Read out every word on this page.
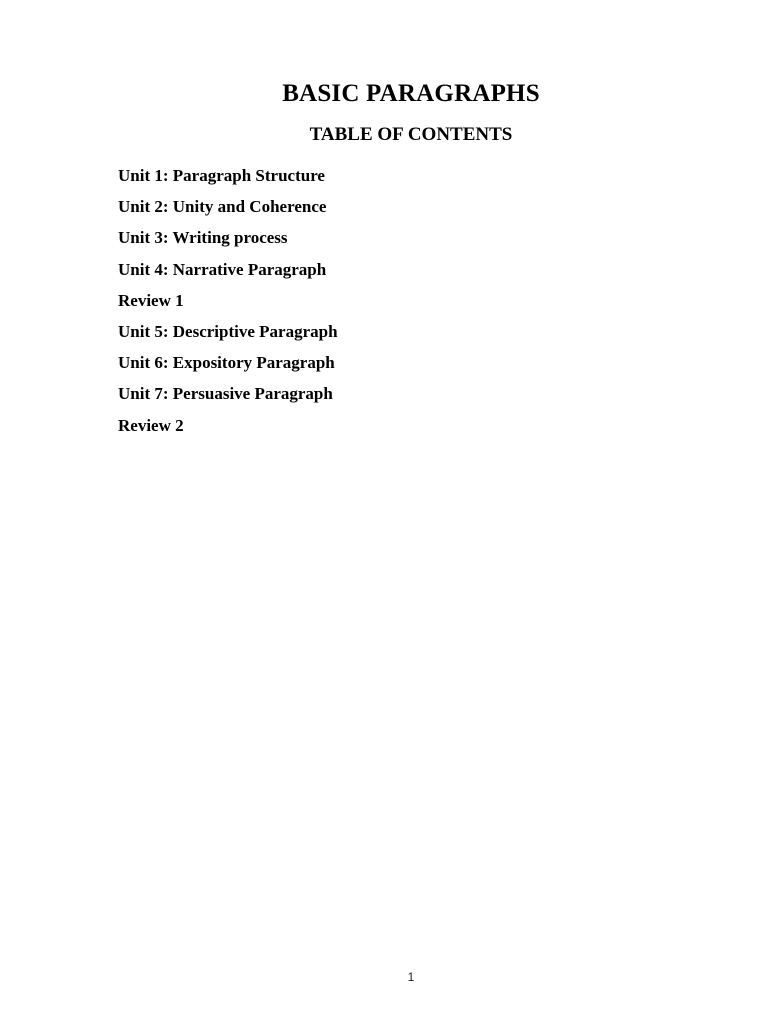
BASIC PARAGRAPHS
TABLE OF CONTENTS
Unit 1: Paragraph Structure
Unit 2: Unity and Coherence
Unit 3: Writing process
Unit 4: Narrative Paragraph
Review 1
Unit 5: Descriptive Paragraph
Unit 6: Expository Paragraph
Unit 7: Persuasive Paragraph
Review 2
1
